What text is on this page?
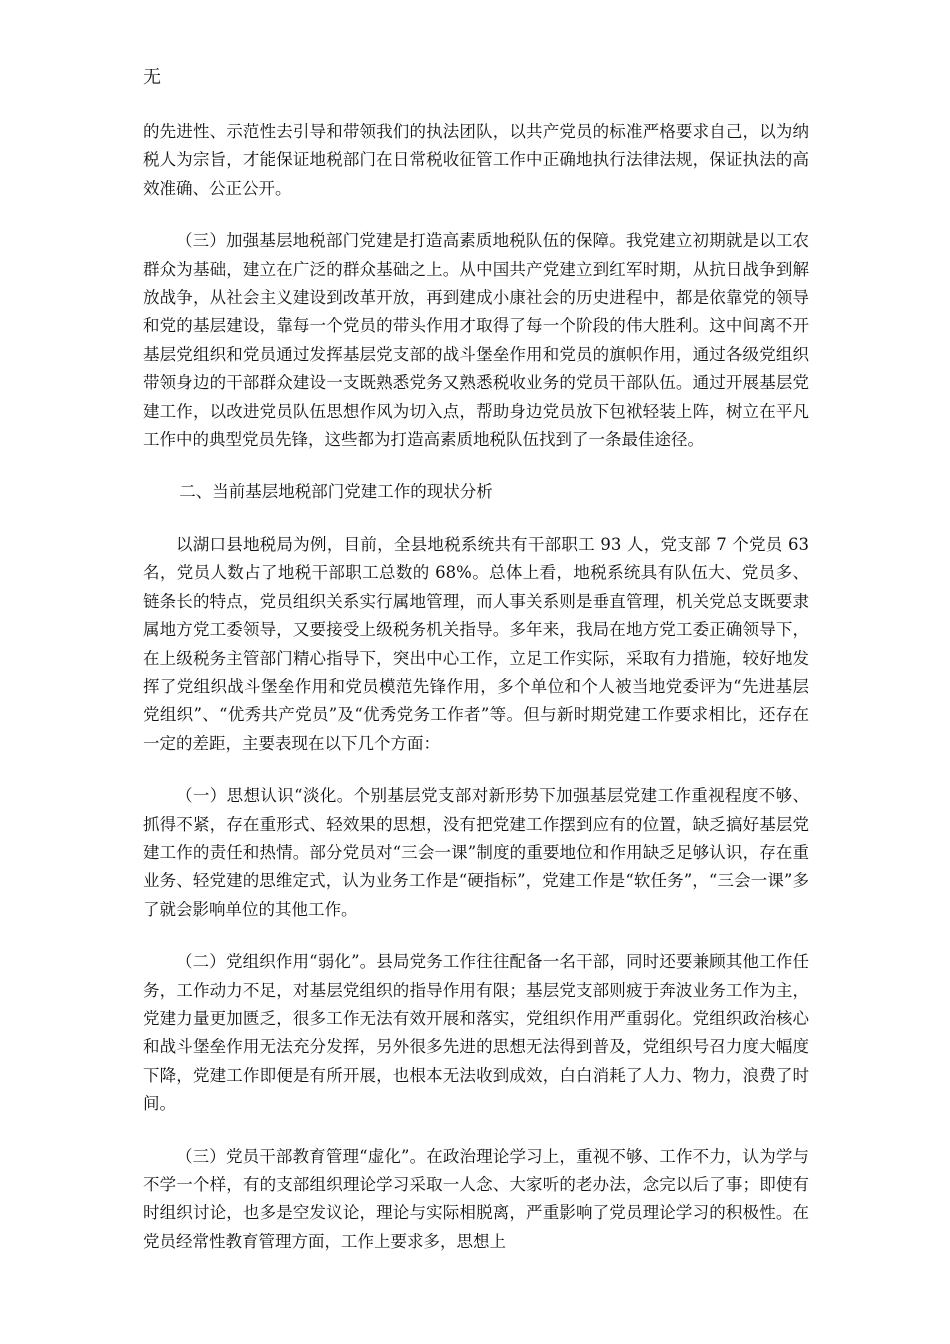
无

的先进性、示范性去引导和带领我们的执法团队，以共产党员的标准严格要求自己，以为纳税人为宗旨，才能保证地税部门在日常税收征管工作中正确地执行法律法规，保证执法的高效准确、公正公开。

（三）加强基层地税部门党建是打造高素质地税队伍的保障。我党建立初期就是以工农群众为基础，建立在广泛的群众基础之上。从中国共产党建立到红军时期，从抗日战争到解放战争，从社会主义建设到改革开放，再到建成小康社会的历史进程中，都是依靠党的领导和党的基层建设，靠每一个党员的带头作用才取得了每一个阶段的伟大胜利。这中间离不开基层党组织和党员通过发挥基层党支部的战斗堡垒作用和党员的旗帜作用，通过各级党组织带领身边的干部群众建设一支既熟悉党务又熟悉税收业务的党员干部队伍。通过开展基层党建工作，以改进党员队伍思想作风为切入点，帮助身边党员放下包袱轻装上阵，树立在平凡工作中的典型党员先锋，这些都为打造高素质地税队伍找到了一条最佳途径。

二、当前基层地税部门党建工作的现状分析

以湖口县地税局为例，目前，全县地税系统共有干部职工 93 人，党支部 7 个党员 63 名，党员人数占了地税干部职工总数的 68%。总体上看，地税系统具有队伍大、党员多、链条长的特点，党员组织关系实行属地管理，而人事关系则是垂直管理，机关党总支既要隶属地方党工委领导，又要接受上级税务机关指导。多年来，我局在地方党工委正确领导下，在上级税务主管部门精心指导下，突出中心工作，立足工作实际，采取有力措施，较好地发挥了党组织战斗堡垒作用和党员模范先锋作用，多个单位和个人被当地党委评为“先进基层党组织”、“优秀共产党员”及“优秀党务工作者”等。但与新时期党建工作要求相比，还存在一定的差距，主要表现在以下几个方面：

（一）思想认识“淡化。个别基层党支部对新形势下加强基层党建工作重视程度不够、抓得不紧，存在重形式、轻效果的思想，没有把党建工作摆到应有的位置，缺乏搞好基层党建工作的责任和热情。部分党员对“三会一课”制度的重要地位和作用缺乏足够认识，存在重业务、轻党建的思维定式，认为业务工作是“硬指标”，党建工作是“软任务”，“三会一课”多了就会影响单位的其他工作。

（二）党组织作用“弱化”。县局党务工作往往配备一名干部，同时还要兼顾其他工作任务，工作动力不足，对基层党组织的指导作用有限；基层党支部则疲于奔波业务工作为主，党建力量更加匮乏，很多工作无法有效开展和落实，党组织作用严重弱化。党组织政治核心和战斗堡垒作用无法充分发挥，另外很多先进的思想无法得到普及，党组织号召力度大幅度下降，党建工作即便是有所开展，也根本无法收到成效，白白消耗了人力、物力，浪费了时间。

（三）党员干部教育管理“虚化”。在政治理论学习上，重视不够、工作不力，认为学与不学一个样，有的支部组织理论学习采取一人念、大家听的老办法，念完以后了事；即使有时组织讨论，也多是空发议论，理论与实际相脱离，严重影响了党员理论学习的积极性。在党员经常性教育管理方面，工作上要求多，思想上
